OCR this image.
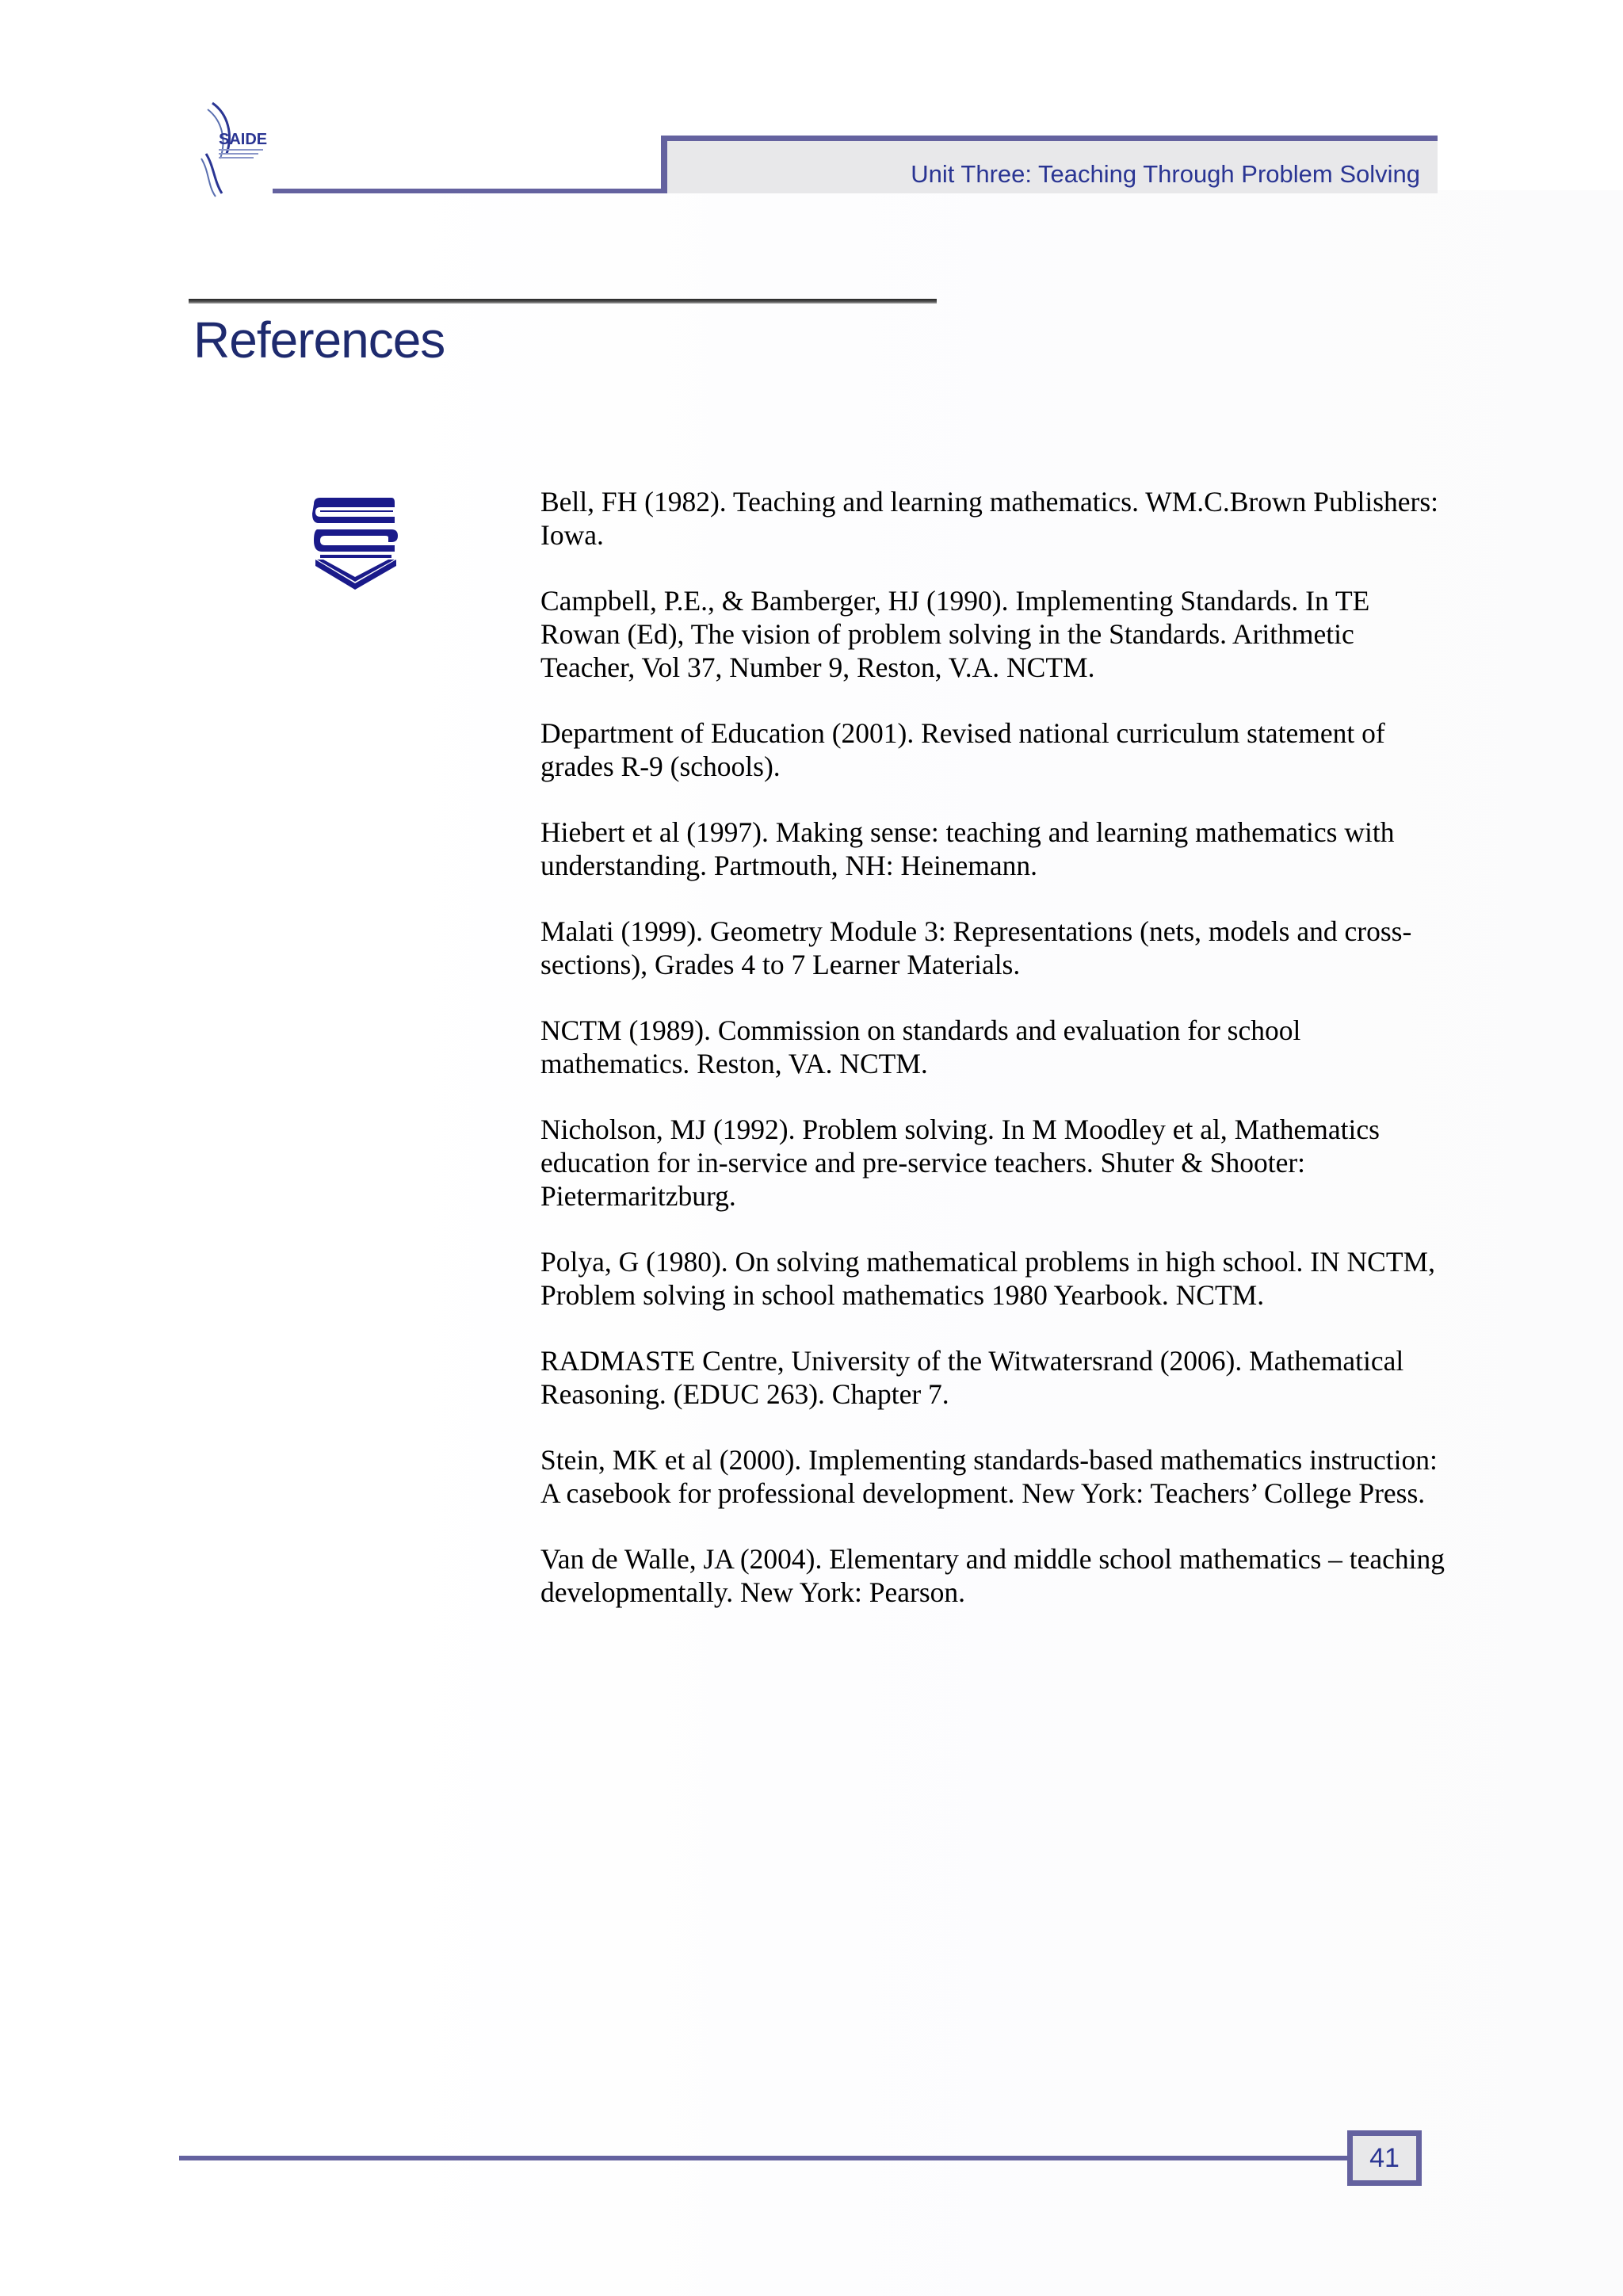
SAIDE
Unit Three: Teaching Through Problem Solving
References
Bell, FH (1982). Teaching and learning mathematics. WM.C.Brown Publishers: Iowa.
Campbell, P.E., & Bamberger, HJ (1990). Implementing Standards. In TE Rowan (Ed), The vision of problem solving in the Standards. Arithmetic Teacher, Vol 37, Number 9, Reston, V.A. NCTM.
Department of Education (2001). Revised national curriculum statement of grades R-9 (schools).
Hiebert et al (1997). Making sense: teaching and learning mathematics with understanding. Partmouth, NH: Heinemann.
Malati (1999). Geometry Module 3: Representations (nets, models and cross-sections), Grades 4 to 7 Learner Materials.
NCTM (1989). Commission on standards and evaluation for school mathematics. Reston, VA. NCTM.
Nicholson, MJ (1992). Problem solving. In M Moodley et al, Mathematics education for in-service and pre-service teachers. Shuter & Shooter: Pietermaritzburg.
Polya, G (1980). On solving mathematical problems in high school. IN NCTM, Problem solving in school mathematics 1980 Yearbook. NCTM.
RADMASTE Centre, University of the Witwatersrand (2006). Mathematical Reasoning. (EDUC 263). Chapter 7.
Stein, MK et al (2000). Implementing standards-based mathematics instruction: A casebook for professional development. New York: Teachers’ College Press.
Van de Walle, JA (2004). Elementary and middle school mathematics – teaching developmentally. New York: Pearson.
41
